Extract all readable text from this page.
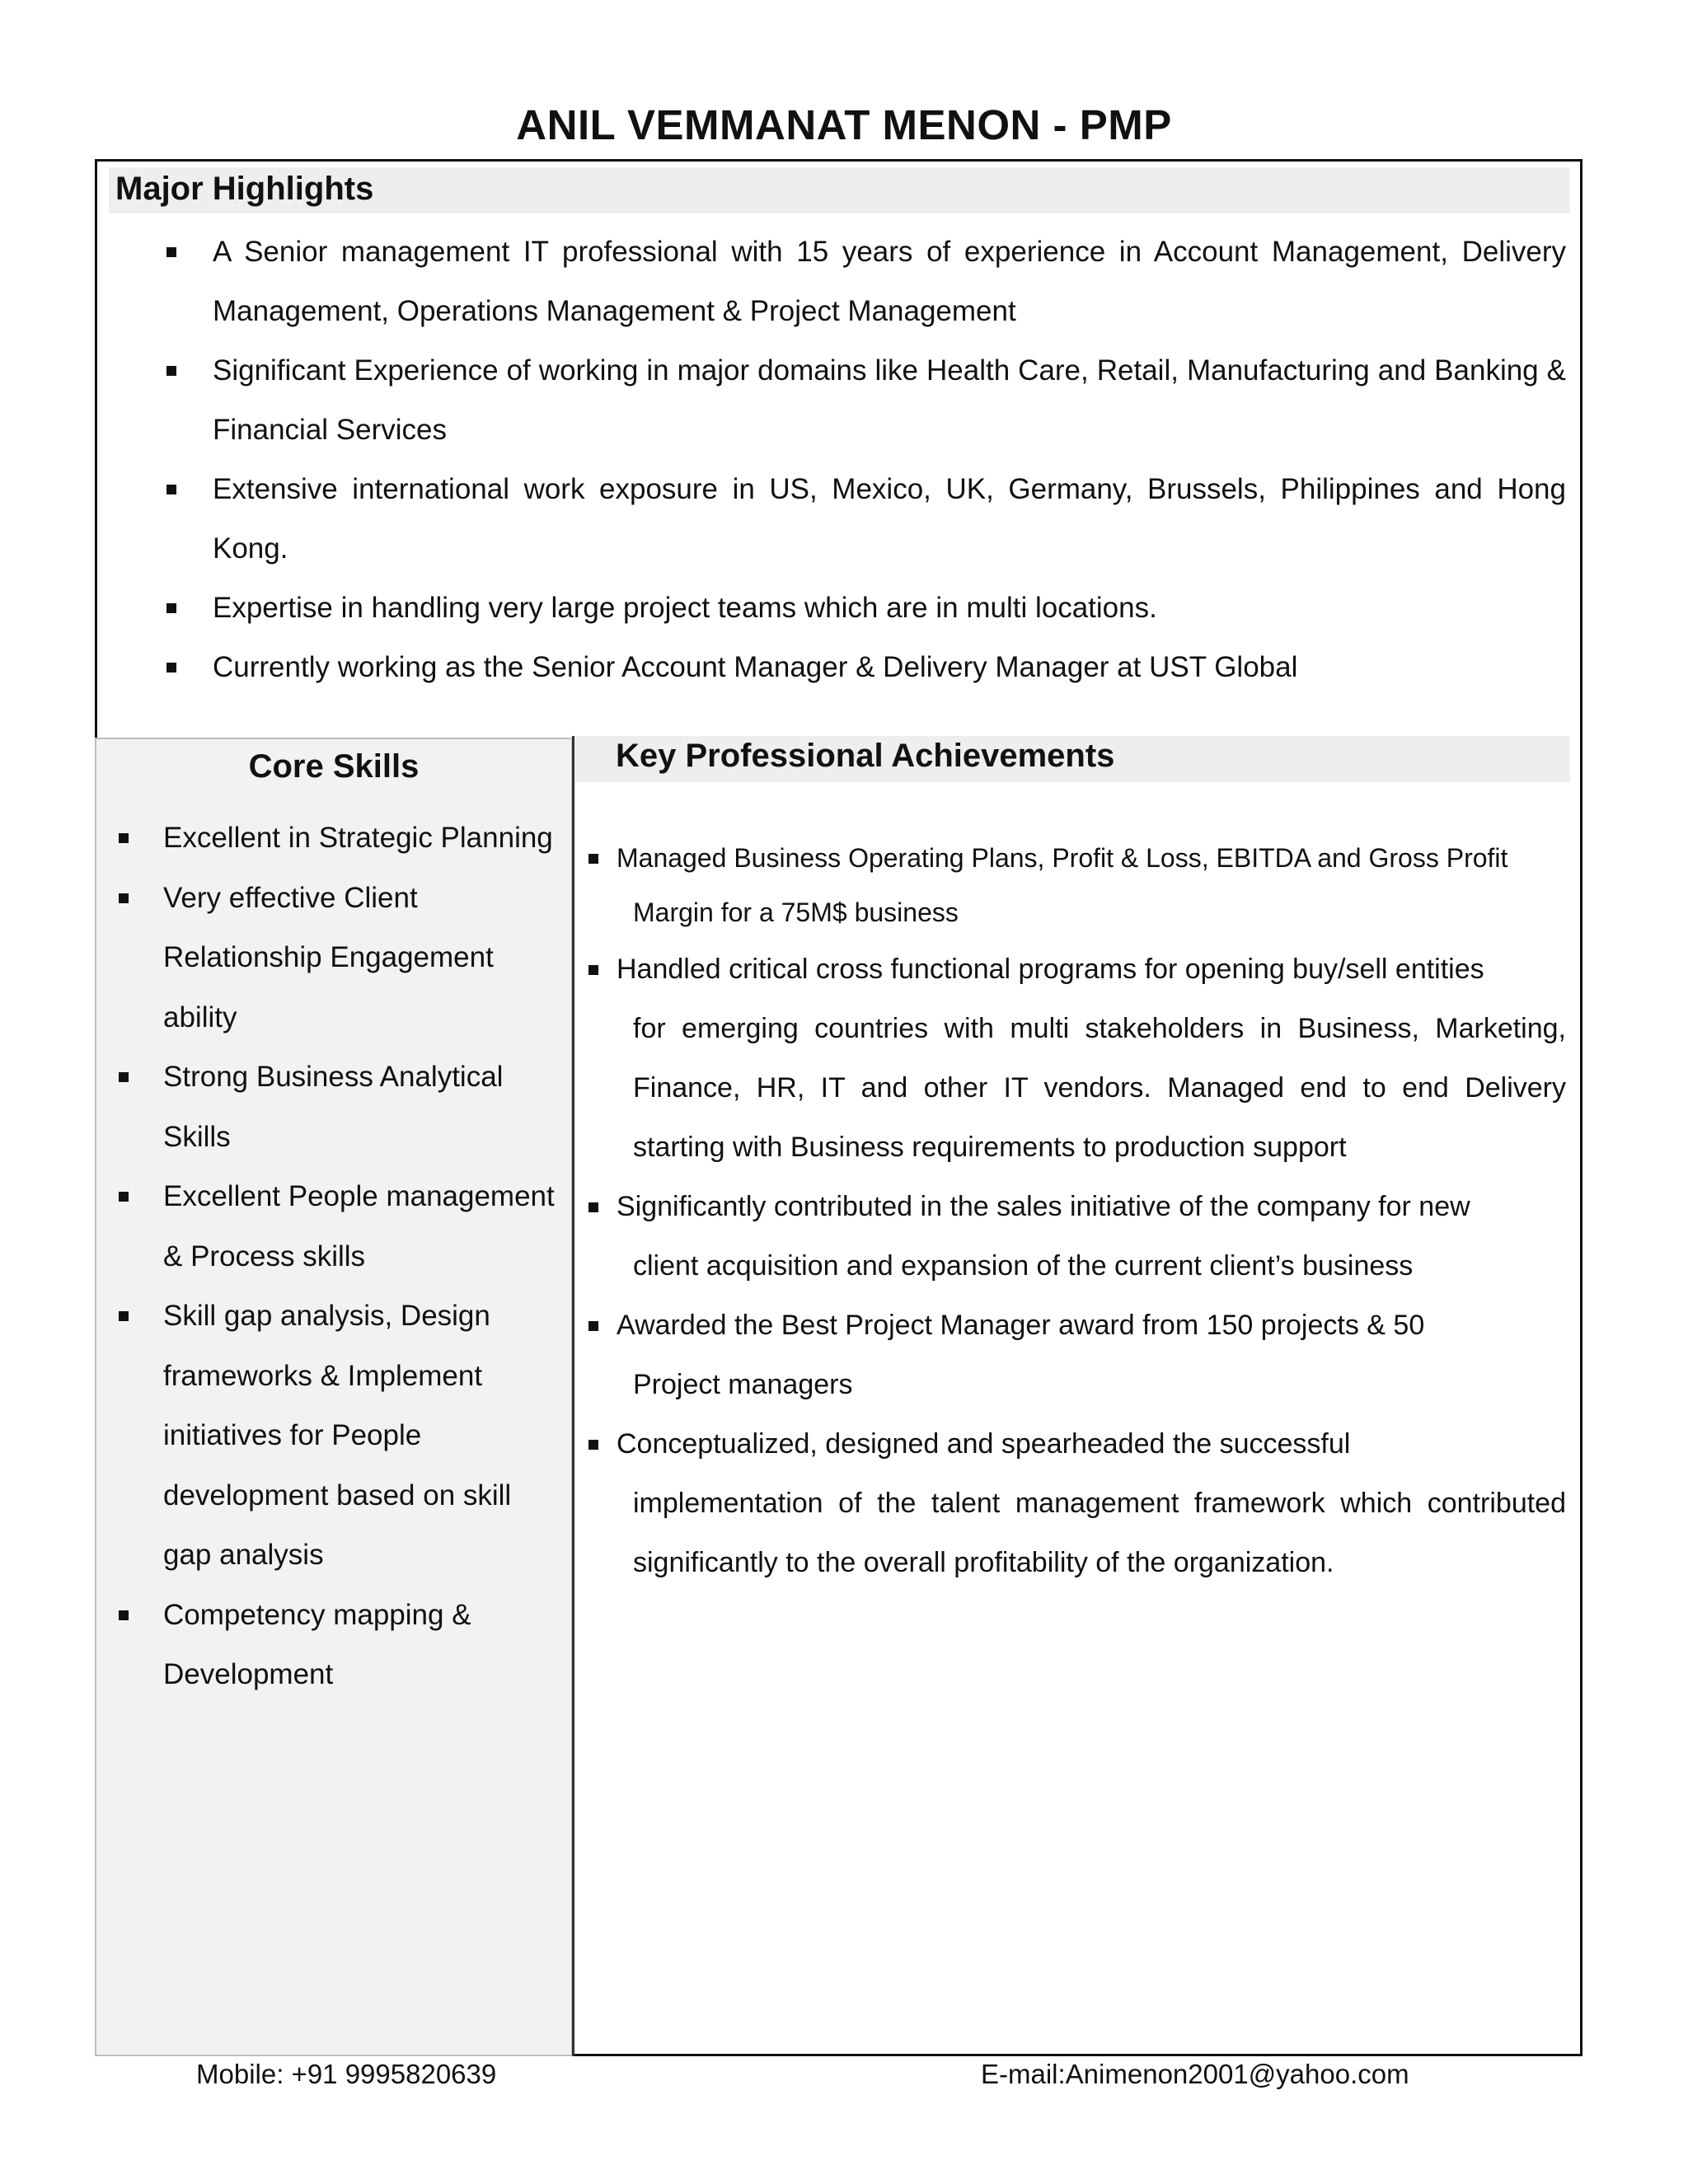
ANIL VEMMANAT MENON - PMP
Major Highlights
A Senior management IT professional with 15 years of experience in Account Management, Delivery Management, Operations Management & Project Management
Significant Experience of working in major domains like Health Care, Retail, Manufacturing and Banking & Financial Services
Extensive international work exposure in US, Mexico, UK, Germany, Brussels, Philippines and Hong Kong.
Expertise in handling very large project teams which are in multi locations.
Currently working as the Senior Account Manager & Delivery Manager at UST Global
Core Skills
Excellent in Strategic Planning
Very effective Client Relationship Engagement ability
Strong Business Analytical Skills
Excellent People management & Process skills
Skill gap analysis, Design frameworks & Implement initiatives for People development based on skill gap analysis
Competency mapping & Development
Key Professional Achievements
Managed Business Operating Plans, Profit & Loss, EBITDA and Gross Profit
Margin for a 75M$ business
Handled critical cross functional programs for opening buy/sell entities
for emerging countries with multi stakeholders in Business, Marketing, Finance, HR, IT and other IT vendors. Managed end to end Delivery starting with Business requirements to production support
Significantly contributed in the sales initiative of the company for new
client acquisition and expansion of the current client’s business
Awarded the Best Project Manager award from 150 projects & 50
Project managers
Conceptualized, designed and spearheaded the successful
implementation of the talent management framework which contributed significantly to the overall profitability of the organization.
Mobile: +91 9995820639	E-mail:Animenon2001@yahoo.com
